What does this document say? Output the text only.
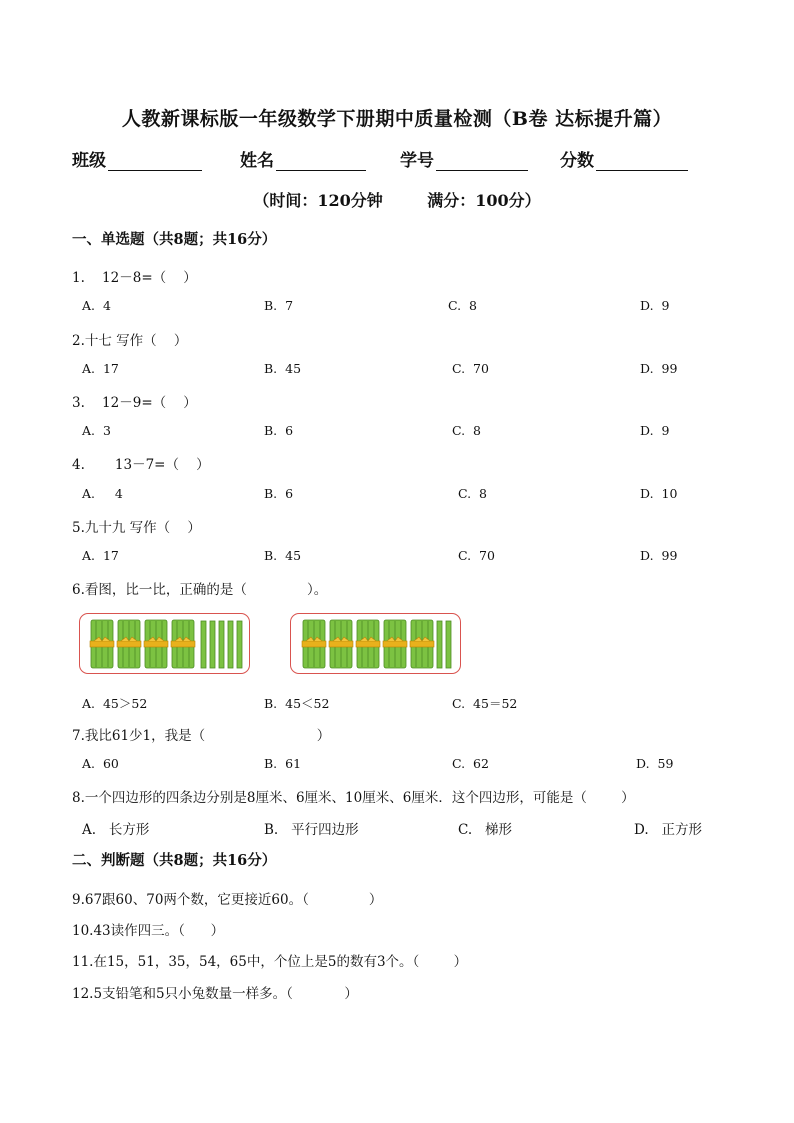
人教新课标版一年级数学下册期中质量检测（B卷 达标提升篇）
班级	姓名	学号	分数
（时间：120分钟        满分：100分）
一、单选题（共8题；共16分）
1.    12－8=（    ）
A. 4	B. 7	C. 8	D. 9
2.十七 写作（    ）
A. 17	B. 45	C. 70	D. 99
3.    12－9=（    ）
A. 3	B. 6	C. 8	D. 9
4.       13－7=（    ）
A. 4	B. 6	C. 8	D. 10
5.九十九 写作（    ）
A. 17	B. 45	C. 70	D. 99
6.看图，比一比，正确的是（              ）。
A. 45＞52	B. 45＜52	C. 45＝52
7.我比61少1，我是（                          ）
A. 60	B. 61	C. 62	D. 59
8.一个四边形的四条边分别是8厘米、6厘米、10厘米、6厘米．这个四边形，可能是（        ）
A. 长方形	B. 平行四边形	C. 梯形	D. 正方形
二、判断题（共8题；共16分）
9.67跟60、70两个数，它更接近60。（              ）
10.43读作四三。（      ）
11.在15，51，35，54，65中，个位上是5的数有3个。（        ）
12.5支铅笔和5只小兔数量一样多。（            ）
